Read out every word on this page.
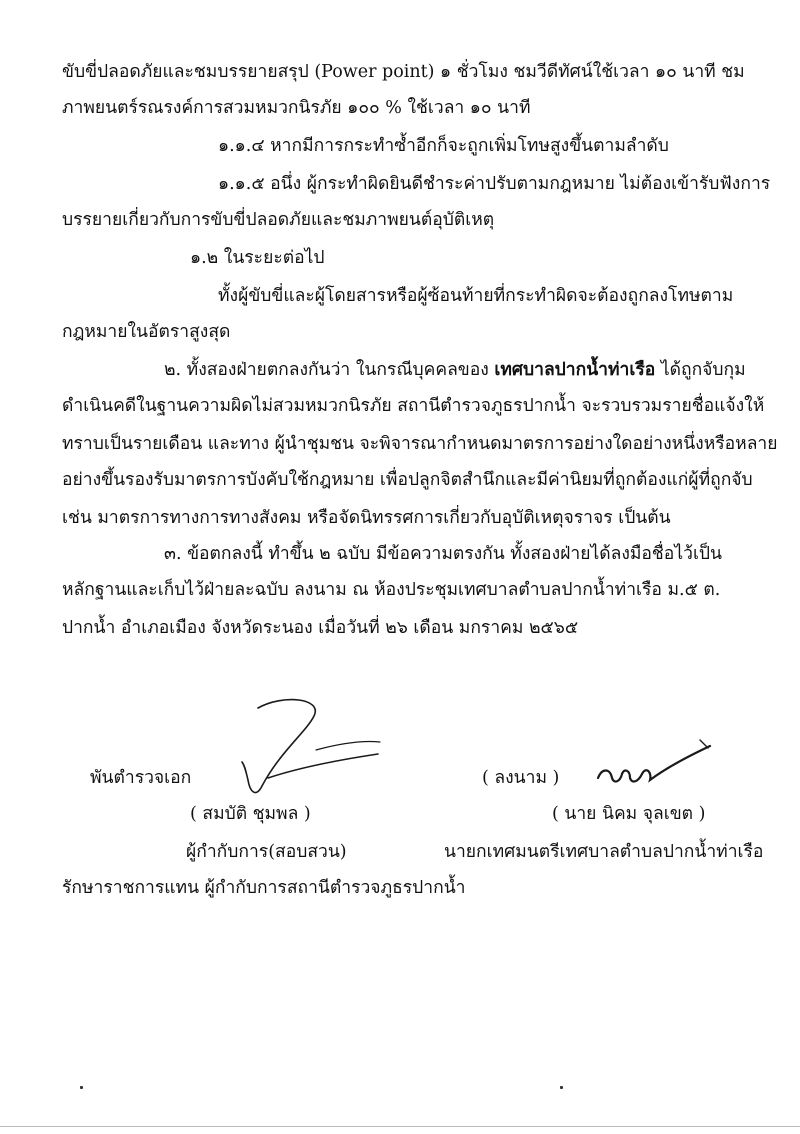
ขับขี่ปลอดภัยและชมบรรยายสรุป (Power point) ๑ ชั่วโมง ชมวีดีทัศน์ใช้เวลา ๑๐ นาที ชม
ภาพยนตร์รณรงค์การสวมหมวกนิรภัย ๑๐๐ % ใช้เวลา ๑๐ นาที
๑.๑.๔ หากมีการกระทำซ้ำอีกก็จะถูกเพิ่มโทษสูงขึ้นตามลำดับ
๑.๑.๕ อนึ่ง ผู้กระทำผิดยินดีชำระค่าปรับตามกฎหมาย ไม่ต้องเข้ารับฟังการ
บรรยายเกี่ยวกับการขับขี่ปลอดภัยและชมภาพยนต์อุบัติเหตุ
๑.๒ ในระยะต่อไป
ทั้งผู้ขับขี่และผู้โดยสารหรือผู้ซ้อนท้ายที่กระทำผิดจะต้องถูกลงโทษตาม
กฎหมายในอัตราสูงสุด
๒. ทั้งสองฝ่ายตกลงกันว่า ในกรณีบุคคลของ เทศบาลปากน้ำท่าเรือ ได้ถูกจับกุม
ดำเนินคดีในฐานความผิดไม่สวมหมวกนิรภัย สถานีตำรวจภูธรปากน้ำ จะรวบรวมรายชื่อแจ้งให้
ทราบเป็นรายเดือน และทาง ผู้นำชุมชน จะพิจารณากำหนดมาตรการอย่างใดอย่างหนึ่งหรือหลาย
อย่างขึ้นรองรับมาตรการบังคับใช้กฎหมาย เพื่อปลูกจิตสำนึกและมีค่านิยมที่ถูกต้องแก่ผู้ที่ถูกจับ
เช่น มาตรการทางการทางสังคม หรือจัดนิทรรศการเกี่ยวกับอุบัติเหตุจราจร เป็นต้น
๓. ข้อตกลงนี้ ทำขึ้น ๒ ฉบับ มีข้อความตรงกัน ทั้งสองฝ่ายได้ลงมือชื่อไว้เป็น
หลักฐานและเก็บไว้ฝ่ายละฉบับ ลงนาม ณ ห้องประชุมเทศบาลตำบลปากน้ำท่าเรือ ม.๕ ต.
ปากน้ำ อำเภอเมือง จังหวัดระนอง เมื่อวันที่ ๒๖ เดือน มกราคม ๒๕๖๕
พันตำรวจเอก
( สมบัติ ชุมพล )
ผู้กำกับการ(สอบสวน)
รักษาราชการแทน ผู้กำกับการสถานีตำรวจภูธรปากน้ำ
( ลงนาม )
( นาย นิคม จุลเขต )
นายกเทศมนตรีเทศบาลตำบลปากน้ำท่าเรือ
